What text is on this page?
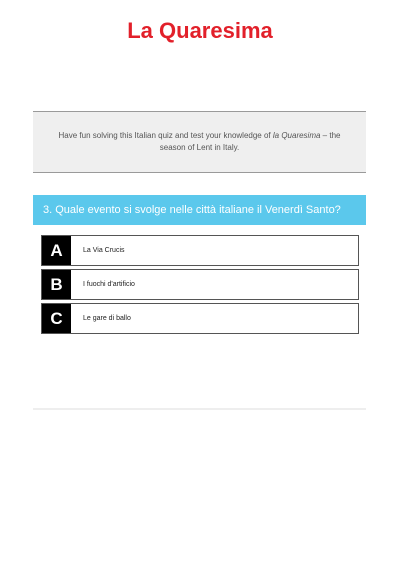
La Quaresima
Have fun solving this Italian quiz and test your knowledge of la Quaresima – the season of Lent in Italy.
3. Quale evento si svolge nelle città italiane il Venerdì Santo?
A	La Via Crucis
B	I fuochi d'artificio
C	Le gare di ballo
